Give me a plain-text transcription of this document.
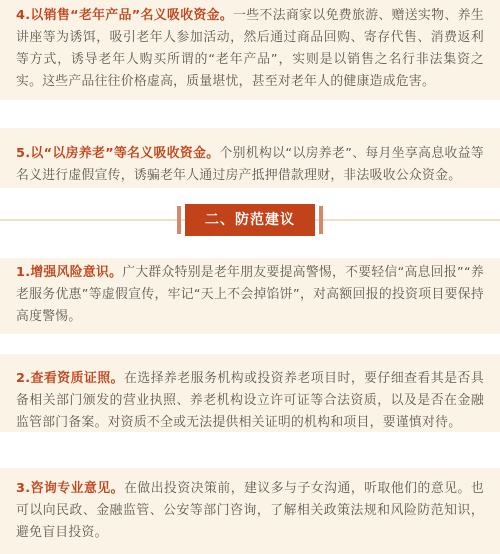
4.以销售“老年产品”名义吸收资金。一些不法商家以免费旅游、赠送实物、养生讲座等为诱饵，吸引老年人参加活动，然后通过商品回购、寄存代售、消费返利等方式，诱导老年人购买所谓的“老年产品”，实则是以销售之名行非法集资之实。这些产品往往价格虚高，质量堪忧，甚至对老年人的健康造成危害。

5.以“以房养老”等名义吸收资金。个别机构以“以房养老”、每月坐享高息收益等名义进行虚假宣传，诱骗老年人通过房产抵押借款理财，非法吸收公众资金。

二、防范建议

1.增强风险意识。广大群众特别是老年朋友要提高警惕，不要轻信“高息回报”“养老服务优惠”等虚假宣传，牢记“天上不会掉馅饼”，对高额回报的投资项目要保持高度警惕。

2.查看资质证照。在选择养老服务机构或投资养老项目时，要仔细查看其是否具备相关部门颁发的营业执照、养老机构设立许可证等合法资质，以及是否在金融监管部门备案。对资质不全或无法提供相关证明的机构和项目，要谨慎对待。

3.咨询专业意见。在做出投资决策前，建议多与子女沟通，听取他们的意见。也可以向民政、金融监管、公安等部门咨询，了解相关政策法规和风险防范知识，避免盲目投资。
